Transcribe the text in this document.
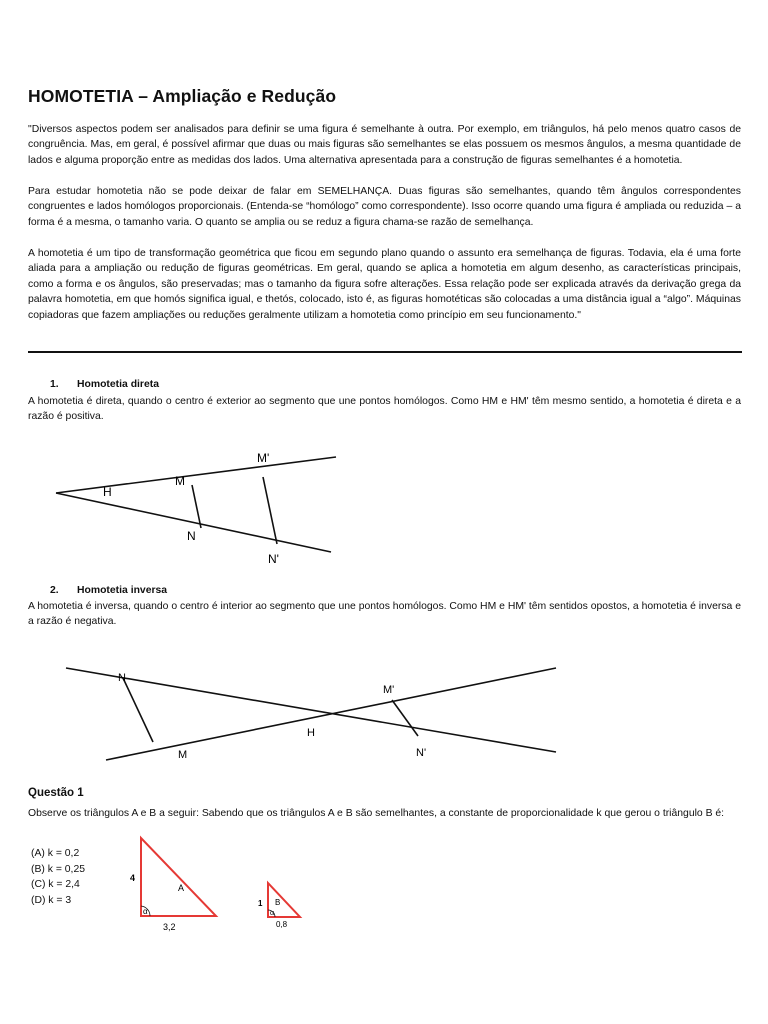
HOMOTETIA – Ampliação e Redução

"Diversos aspectos podem ser analisados para definir se uma figura é semelhante à outra. Por exemplo, em triângulos, há pelo menos quatro casos de congruência. Mas, em geral, é possível afirmar que duas ou mais figuras são semelhantes se elas possuem os mesmos ângulos, a mesma quantidade de lados e alguma proporção entre as medidas dos lados. Uma alternativa apresentada para a construção de figuras semelhantes é a homotetia.

Para estudar homotetia não se pode deixar de falar em SEMELHANÇA. Duas figuras são semelhantes, quando têm ângulos correspondentes congruentes e lados homólogos proporcionais. (Entenda-se “homólogo” como correspondente). Isso ocorre quando uma figura é ampliada ou reduzida – a forma é a mesma, o tamanho varia. O quanto se amplia ou se reduz a figura chama-se razão de semelhança.

A homotetia é um tipo de transformação geométrica que ficou em segundo plano quando o assunto era semelhança de figuras. Todavia, ela é uma forte aliada para a ampliação ou redução de figuras geométricas. Em geral, quando se aplica a homotetia em algum desenho, as características principais, como a forma e os ângulos, são preservadas; mas o tamanho da figura sofre alterações. Essa relação pode ser explicada através da derivação grega da palavra homotetia, em que homós significa igual, e thetós, colocado, isto é, as figuras homotéticas são colocadas a uma distância igual a “algo”. Máquinas copiadoras que fazem ampliações ou reduções geralmente utilizam a homotetia como princípio em seu funcionamento."

1. Homotetia direta

A homotetia é direta, quando o centro é exterior ao segmento que une pontos homólogos. Como HM e HM' têm mesmo sentido, a homotetia é direta e a razão é positiva.

H
M
M'
N
N'

2. Homotetia inversa

A homotetia é inversa, quando o centro é interior ao segmento que une pontos homólogos. Como HM e HM' têm sentidos opostos, a homotetia é inversa e a razão é negativa.

N
M'
H
M	N'

Questão 1

Observe os triângulos A e B a seguir: Sabendo que os triângulos A e B são semelhantes, a constante de proporcionalidade k que gerou o triângulo B é:

(A) k = 0,2
(B) k = 0,25
(C) k = 2,4
(D) k = 3
α
4
A
3,2
α
1 B
0,8
